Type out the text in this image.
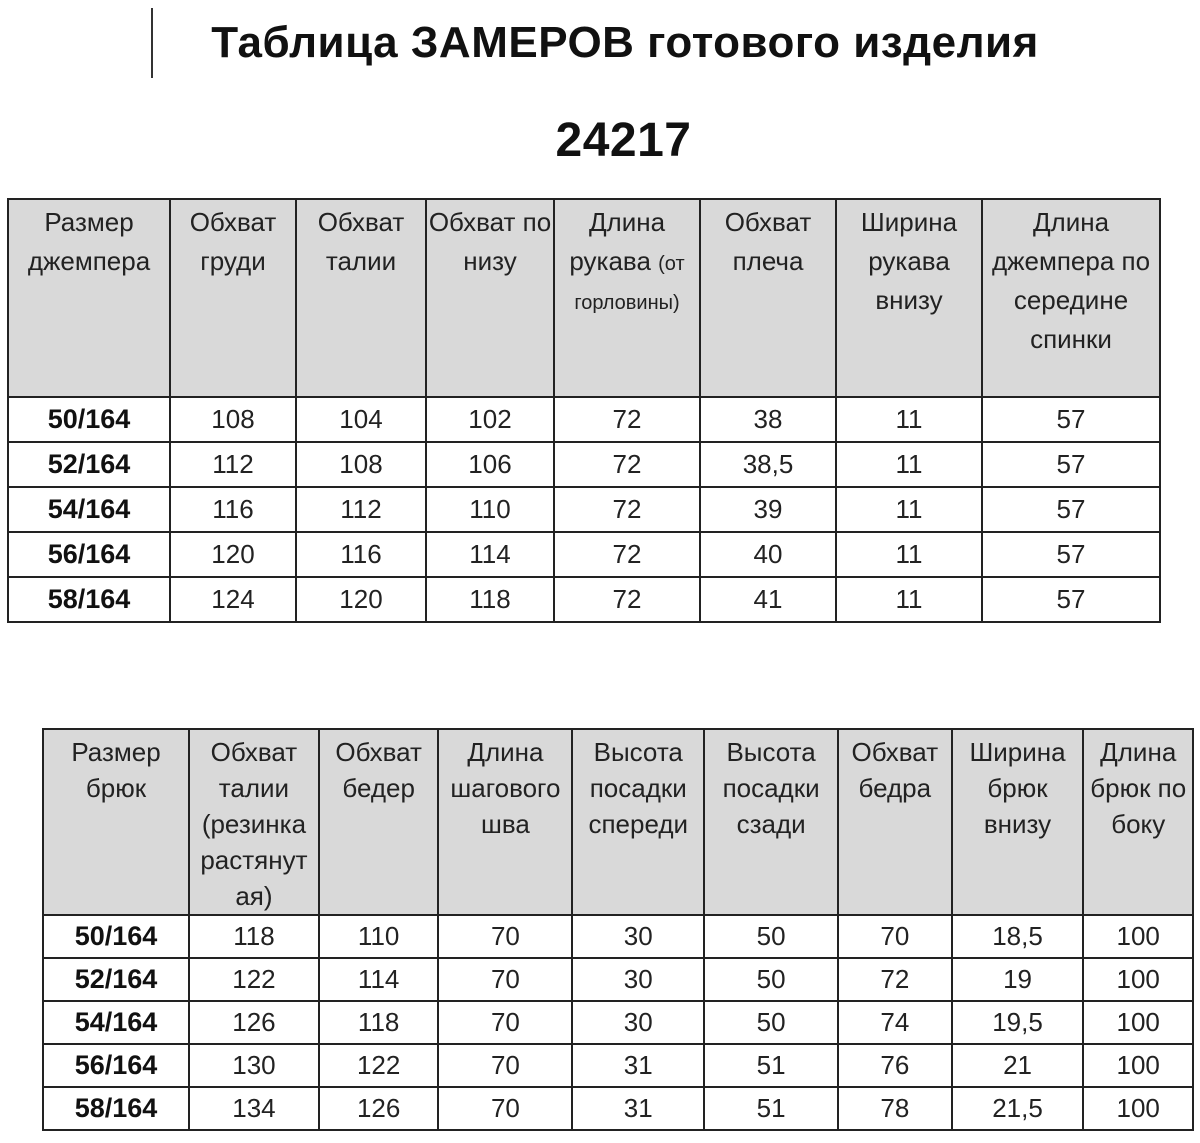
Таблица ЗАМЕРОВ готового изделия
24217
Размер джемпера	Обхват груди	Обхват талии	Обхват по низу	Длина рукава (от горловины)	Обхват плеча	Ширина рукава внизу	Длина джемпера по середине спинки
50/164	108	104	102	72	38	11	57
52/164	112	108	106	72	38,5	11	57
54/164	116	112	110	72	39	11	57
56/164	120	116	114	72	40	11	57
58/164	124	120	118	72	41	11	57
Размер брюк	Обхват талии (резинка растянут ая)	Обхват бедер	Длина шагового шва	Высота посадки спереди	Высота посадки сзади	Обхват бедра	Ширина брюк внизу	Длина брюк по боку
50/164	118	110	70	30	50	70	18,5	100
52/164	122	114	70	30	50	72	19	100
54/164	126	118	70	30	50	74	19,5	100
56/164	130	122	70	31	51	76	21	100
58/164	134	126	70	31	51	78	21,5	100
